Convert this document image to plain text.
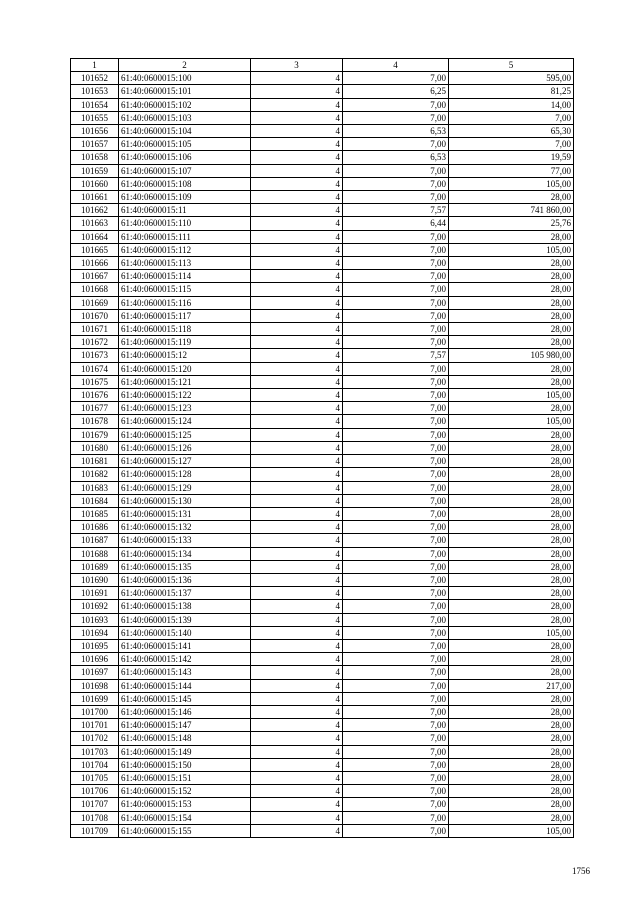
1	2	3	4	5
101652	61:40:0600015:100	4	7,00	595,00
101653	61:40:0600015:101	4	6,25	81,25
101654	61:40:0600015:102	4	7,00	14,00
101655	61:40:0600015:103	4	7,00	7,00
101656	61:40:0600015:104	4	6,53	65,30
101657	61:40:0600015:105	4	7,00	7,00
101658	61:40:0600015:106	4	6,53	19,59
101659	61:40:0600015:107	4	7,00	77,00
101660	61:40:0600015:108	4	7,00	105,00
101661	61:40:0600015:109	4	7,00	28,00
101662	61:40:0600015:11	4	7,57	741 860,00
101663	61:40:0600015:110	4	6,44	25,76
101664	61:40:0600015:111	4	7,00	28,00
101665	61:40:0600015:112	4	7,00	105,00
101666	61:40:0600015:113	4	7,00	28,00
101667	61:40:0600015:114	4	7,00	28,00
101668	61:40:0600015:115	4	7,00	28,00
101669	61:40:0600015:116	4	7,00	28,00
101670	61:40:0600015:117	4	7,00	28,00
101671	61:40:0600015:118	4	7,00	28,00
101672	61:40:0600015:119	4	7,00	28,00
101673	61:40:0600015:12	4	7,57	105 980,00
101674	61:40:0600015:120	4	7,00	28,00
101675	61:40:0600015:121	4	7,00	28,00
101676	61:40:0600015:122	4	7,00	105,00
101677	61:40:0600015:123	4	7,00	28,00
101678	61:40:0600015:124	4	7,00	105,00
101679	61:40:0600015:125	4	7,00	28,00
101680	61:40:0600015:126	4	7,00	28,00
101681	61:40:0600015:127	4	7,00	28,00
101682	61:40:0600015:128	4	7,00	28,00
101683	61:40:0600015:129	4	7,00	28,00
101684	61:40:0600015:130	4	7,00	28,00
101685	61:40:0600015:131	4	7,00	28,00
101686	61:40:0600015:132	4	7,00	28,00
101687	61:40:0600015:133	4	7,00	28,00
101688	61:40:0600015:134	4	7,00	28,00
101689	61:40:0600015:135	4	7,00	28,00
101690	61:40:0600015:136	4	7,00	28,00
101691	61:40:0600015:137	4	7,00	28,00
101692	61:40:0600015:138	4	7,00	28,00
101693	61:40:0600015:139	4	7,00	28,00
101694	61:40:0600015:140	4	7,00	105,00
101695	61:40:0600015:141	4	7,00	28,00
101696	61:40:0600015:142	4	7,00	28,00
101697	61:40:0600015:143	4	7,00	28,00
101698	61:40:0600015:144	4	7,00	217,00
101699	61:40:0600015:145	4	7,00	28,00
101700	61:40:0600015:146	4	7,00	28,00
101701	61:40:0600015:147	4	7,00	28,00
101702	61:40:0600015:148	4	7,00	28,00
101703	61:40:0600015:149	4	7,00	28,00
101704	61:40:0600015:150	4	7,00	28,00
101705	61:40:0600015:151	4	7,00	28,00
101706	61:40:0600015:152	4	7,00	28,00
101707	61:40:0600015:153	4	7,00	28,00
101708	61:40:0600015:154	4	7,00	28,00
101709	61:40:0600015:155	4	7,00	105,00
1756
